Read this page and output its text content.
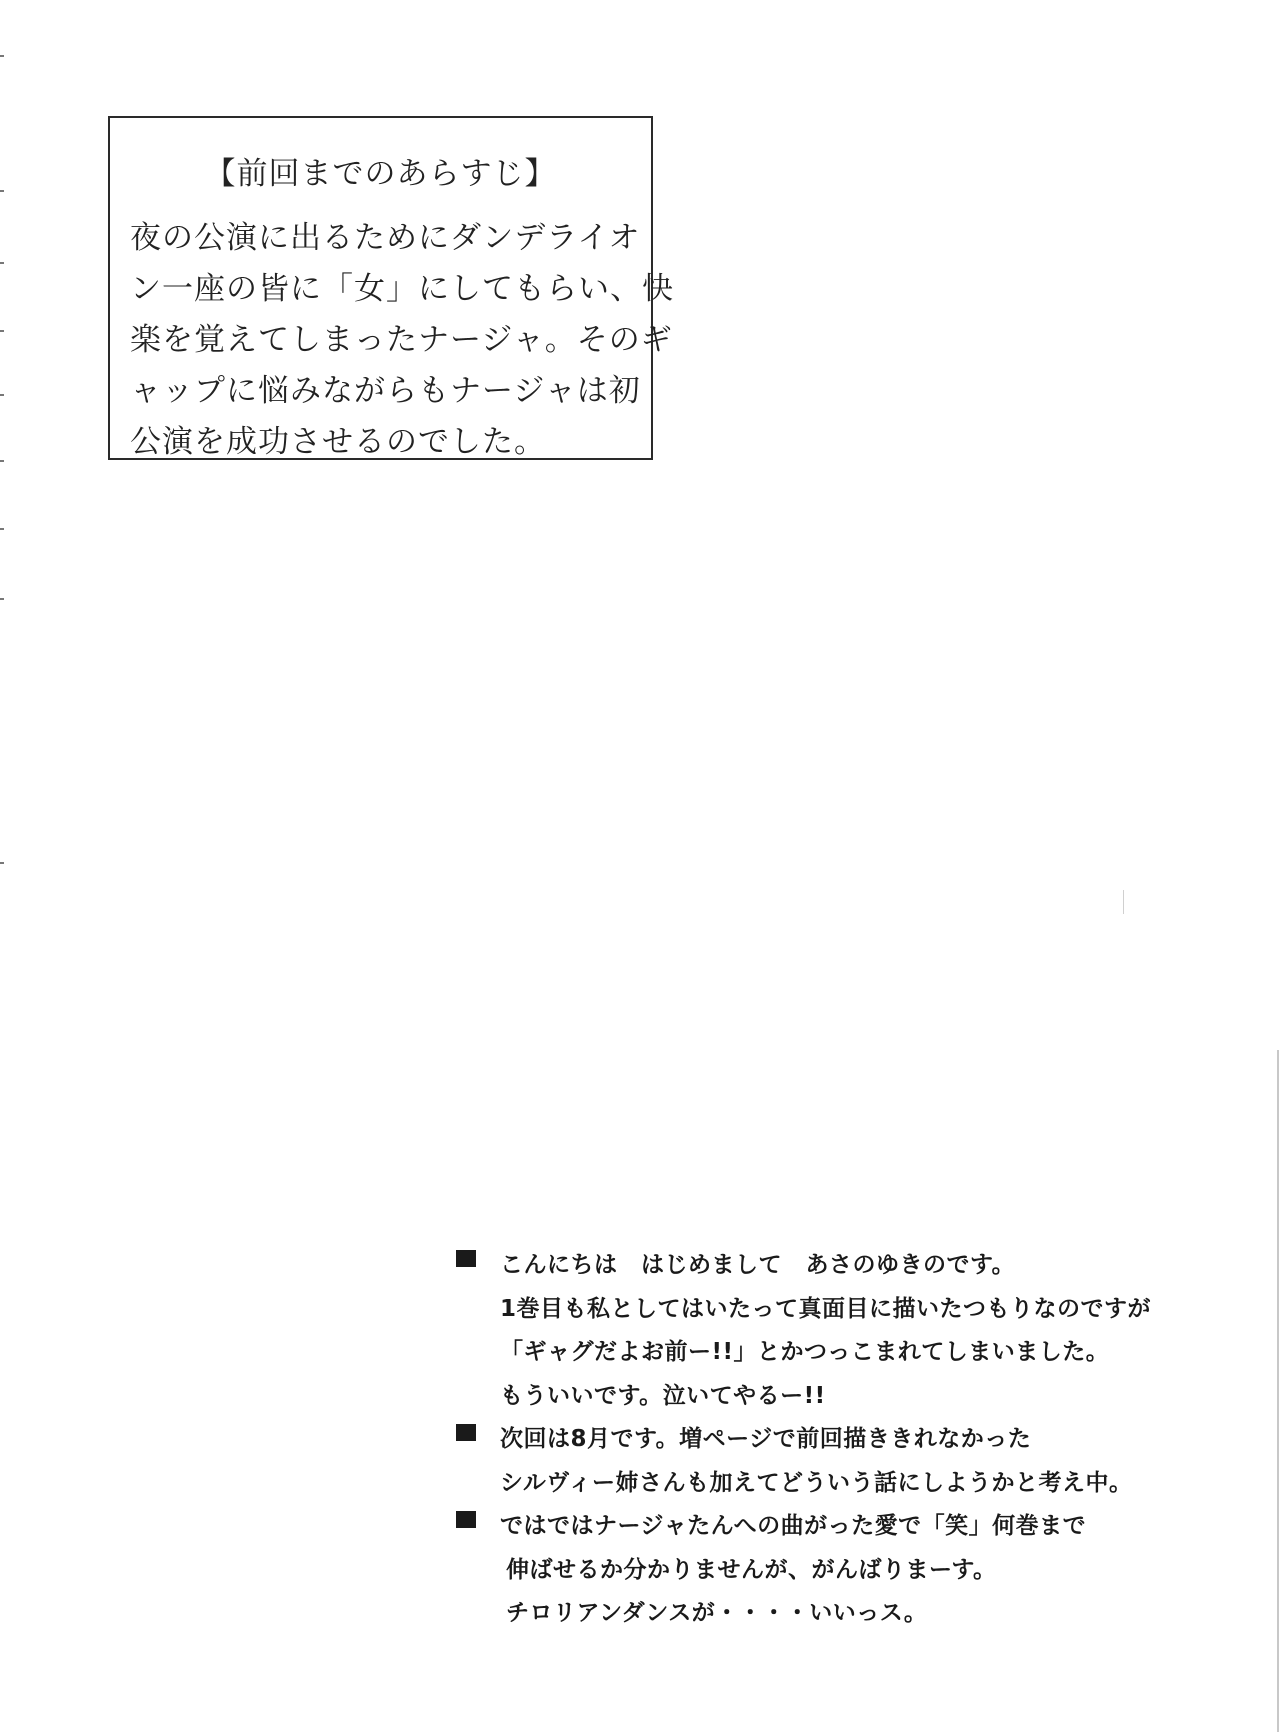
【前回までのあらすじ】
夜の公演に出るためにダンデライオ
ン一座の皆に「女」にしてもらい、快
楽を覚えてしまったナージャ。そのギ
ャップに悩みながらもナージャは初
公演を成功させるのでした。
こんにちは　はじめまして　あさのゆきのです。
1巻目も私としてはいたって真面目に描いたつもりなのですが
「ギャグだよお前ー!!」とかつっこまれてしまいました。
もういいです。泣いてやるー!!
次回は8月です。増ページで前回描ききれなかった
シルヴィー姉さんも加えてどういう話にしようかと考え中。
ではではナージャたんへの曲がった愛で「笑」何巻まで
伸ばせるか分かりませんが、がんばりまーす。
チロリアンダンスが・・・・いいっス。
